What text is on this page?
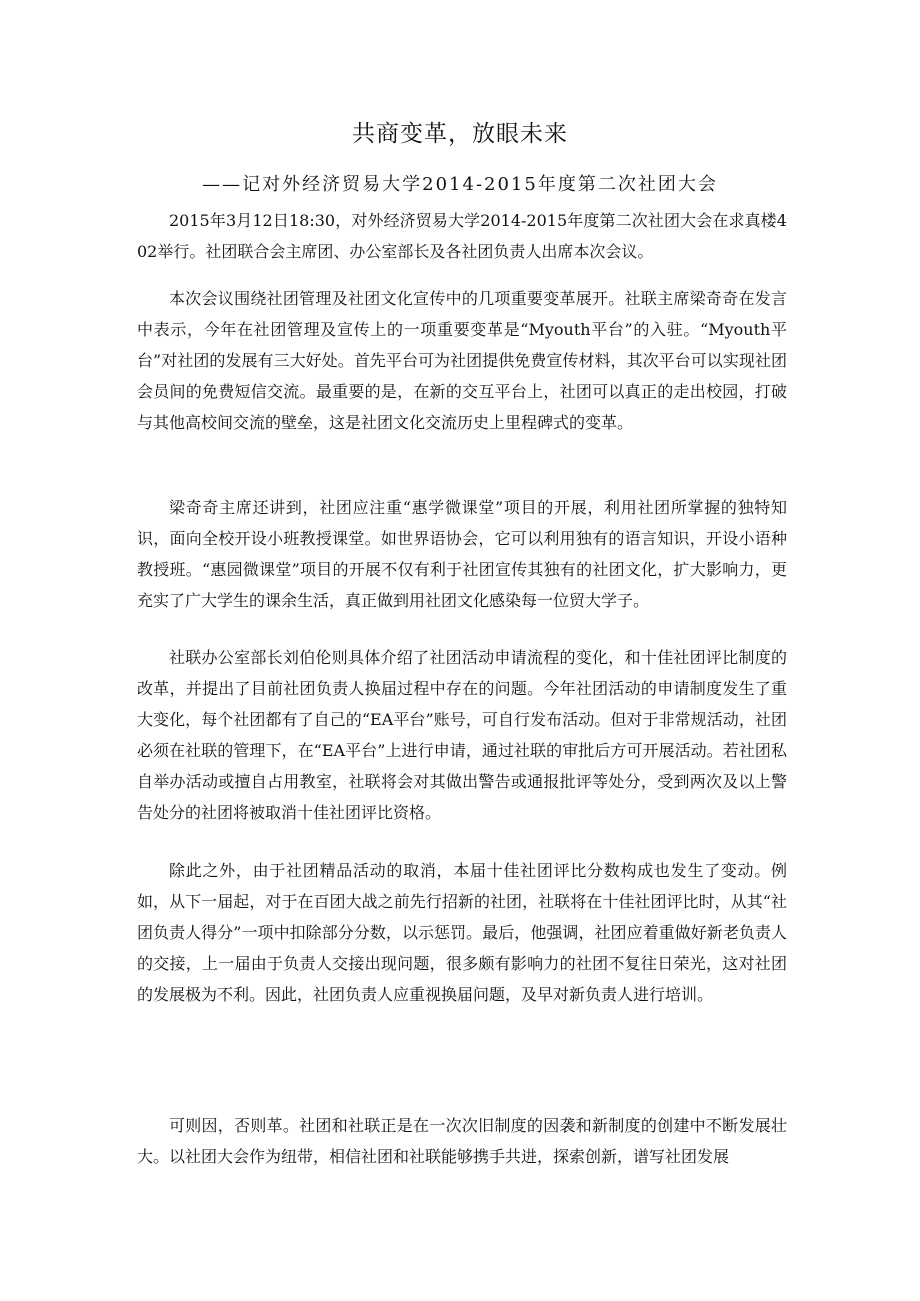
共商变革，放眼未来
——记对外经济贸易大学2014-2015年度第二次社团大会

2015年3月12日18:30，对外经济贸易大学2014-2015年度第二次社团大会在求真楼402举行。社团联合会主席团、办公室部长及各社团负责人出席本次会议。

本次会议围绕社团管理及社团文化宣传中的几项重要变革展开。社联主席梁奇奇在发言中表示，今年在社团管理及宣传上的一项重要变革是“Myouth平台”的入驻。“Myouth平台”对社团的发展有三大好处。首先平台可为社团提供免费宣传材料，其次平台可以实现社团会员间的免费短信交流。最重要的是，在新的交互平台上，社团可以真正的走出校园，打破与其他高校间交流的壁垒，这是社团文化交流历史上里程碑式的变革。

梁奇奇主席还讲到，社团应注重“惠学微课堂”项目的开展，利用社团所掌握的独特知识，面向全校开设小班教授课堂。如世界语协会，它可以利用独有的语言知识，开设小语种教授班。“惠园微课堂”项目的开展不仅有利于社团宣传其独有的社团文化，扩大影响力，更充实了广大学生的课余生活，真正做到用社团文化感染每一位贸大学子。

社联办公室部长刘伯伦则具体介绍了社团活动申请流程的变化，和十佳社团评比制度的改革，并提出了目前社团负责人换届过程中存在的问题。今年社团活动的申请制度发生了重大变化，每个社团都有了自己的“EA平台”账号，可自行发布活动。但对于非常规活动，社团必须在社联的管理下，在“EA平台”上进行申请，通过社联的审批后方可开展活动。若社团私自举办活动或擅自占用教室，社联将会对其做出警告或通报批评等处分，受到两次及以上警告处分的社团将被取消十佳社团评比资格。

除此之外，由于社团精品活动的取消，本届十佳社团评比分数构成也发生了变动。例如，从下一届起，对于在百团大战之前先行招新的社团，社联将在十佳社团评比时，从其“社团负责人得分”一项中扣除部分分数，以示惩罚。最后，他强调，社团应着重做好新老负责人的交接，上一届由于负责人交接出现问题，很多颇有影响力的社团不复往日荣光，这对社团的发展极为不利。因此，社团负责人应重视换届问题，及早对新负责人进行培训。

可则因，否则革。社团和社联正是在一次次旧制度的因袭和新制度的创建中不断发展壮大。以社团大会作为纽带，相信社团和社联能够携手共进，探索创新，谱写社团发展
